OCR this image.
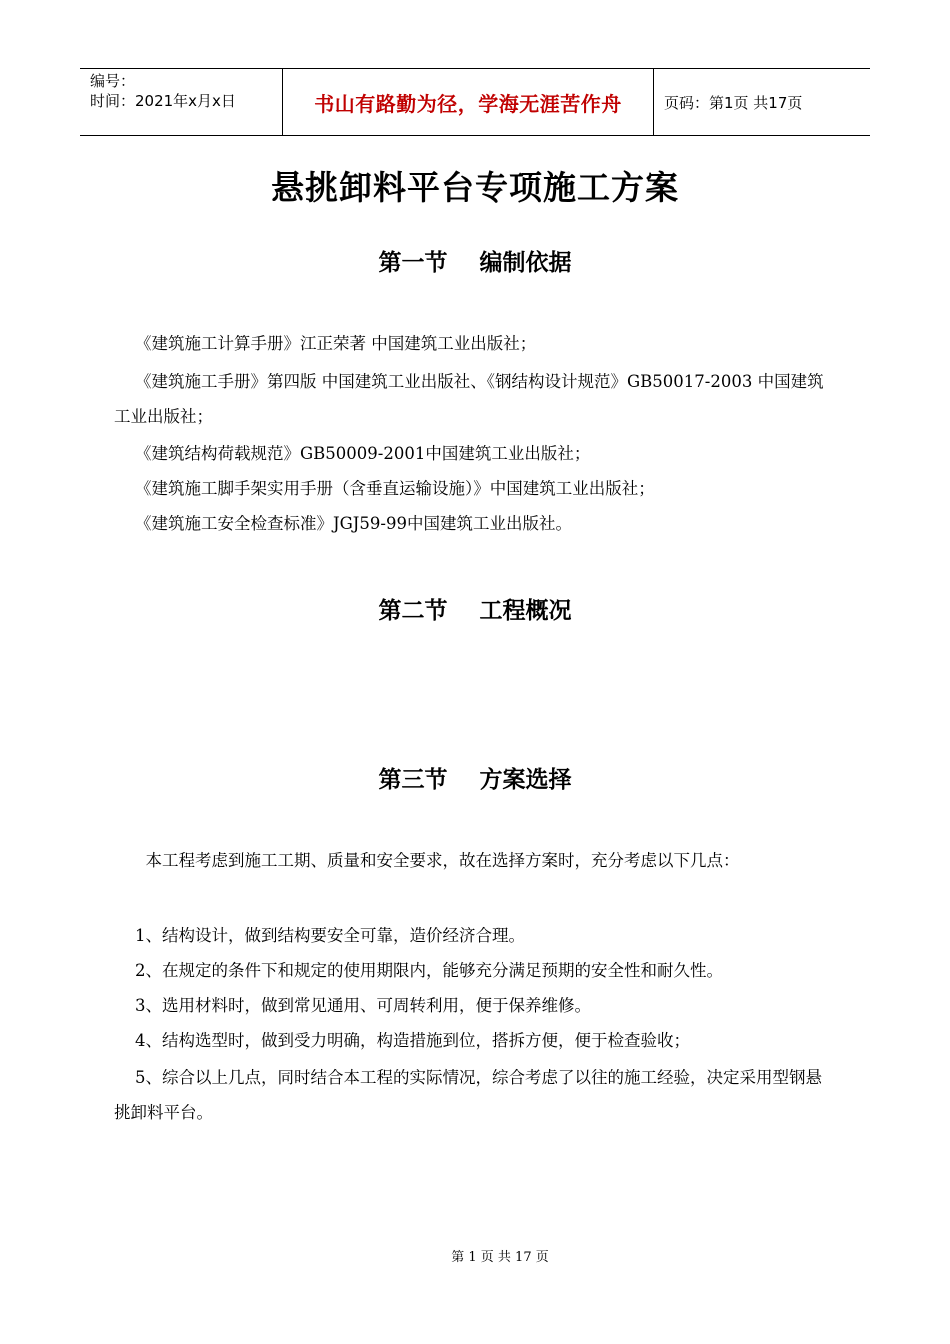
编号：
时间：2021年x月x日	书山有路勤为径，学海无涯苦作舟	页码：第1页 共17页
悬挑卸料平台专项施工方案
第一节    编制依据
《建筑施工计算手册》江正荣著 中国建筑工业出版社；
《建筑施工手册》第四版 中国建筑工业出版社、《钢结构设计规范》GB50017-2003 中国建筑工业出版社；
《建筑结构荷载规范》GB50009-2001中国建筑工业出版社；
《建筑施工脚手架实用手册（含垂直运输设施）》中国建筑工业出版社；
《建筑施工安全检查标准》JGJ59-99中国建筑工业出版社。
第二节    工程概况
第三节    方案选择
本工程考虑到施工工期、质量和安全要求，故在选择方案时，充分考虑以下几点：
1、结构设计，做到结构要安全可靠，造价经济合理。
2、在规定的条件下和规定的使用期限内，能够充分满足预期的安全性和耐久性。
3、选用材料时，做到常见通用、可周转利用，便于保养维修。
4、结构选型时，做到受力明确，构造措施到位，搭拆方便，便于检查验收；
5、综合以上几点，同时结合本工程的实际情况，综合考虑了以往的施工经验，决定采用型钢悬挑卸料平台。
第 1 页 共 17 页
